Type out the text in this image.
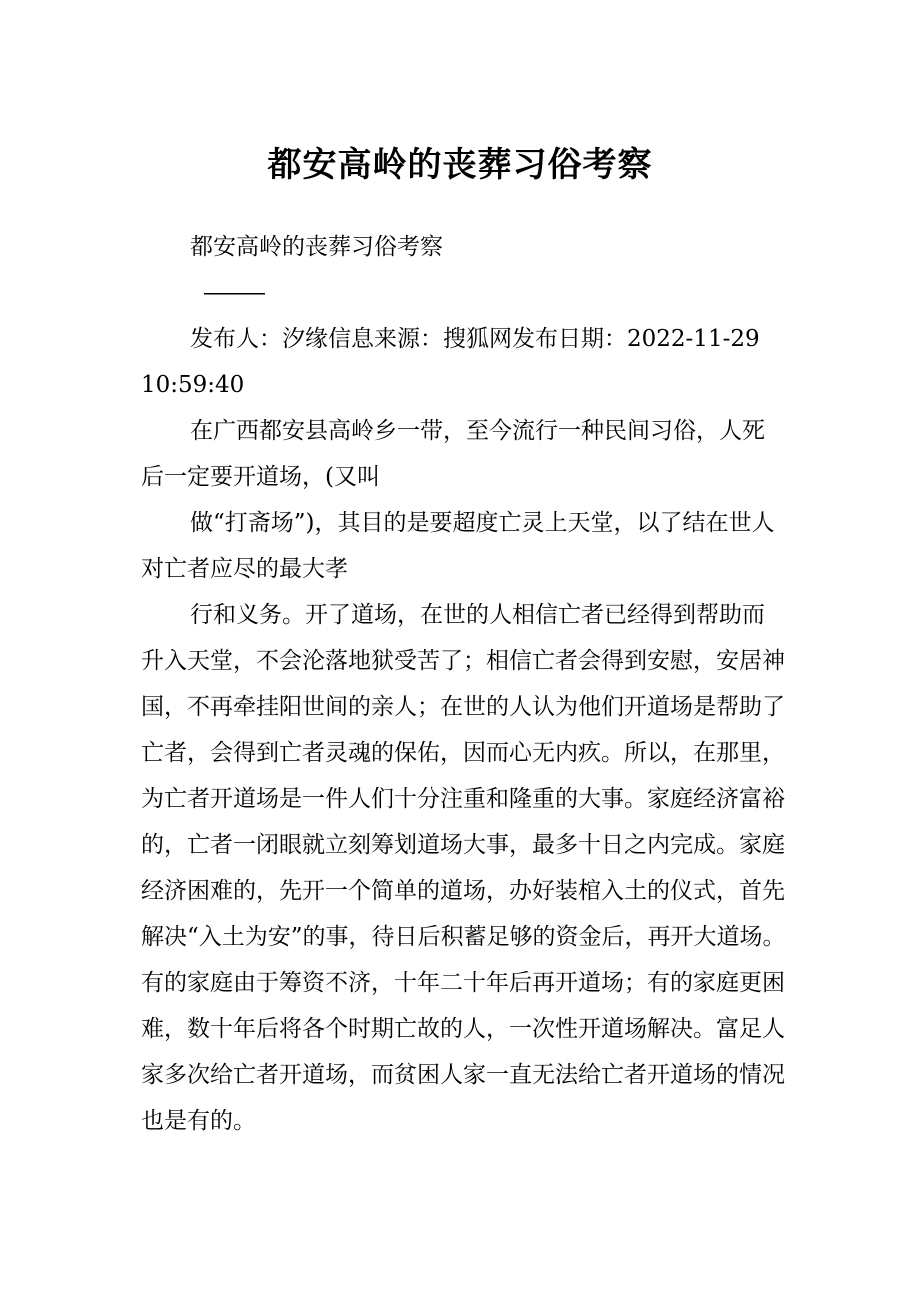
都安高岭的丧葬习俗考察

都安高岭的丧葬习俗考察

———

发布人：汐缘信息来源：搜狐网发布日期：2022-11-29 10:59:40

在广西都安县高岭乡一带，至今流行一种民间习俗，人死后一定要开道场，(又叫

做“打斋场”)，其目的是要超度亡灵上天堂，以了结在世人对亡者应尽的最大孝

行和义务。开了道场，在世的人相信亡者已经得到帮助而升入天堂，不会沦落地狱受苦了；相信亡者会得到安慰，安居神国，不再牵挂阳世间的亲人；在世的人认为他们开道场是帮助了亡者，会得到亡者灵魂的保佑，因而心无内疚。所以，在那里，为亡者开道场是一件人们十分注重和隆重的大事。家庭经济富裕的，亡者一闭眼就立刻筹划道场大事，最多十日之内完成。家庭经济困难的，先开一个简单的道场，办好装棺入土的仪式，首先解决“入土为安”的事，待日后积蓄足够的资金后，再开大道场。有的家庭由于筹资不济，十年二十年后再开道场；有的家庭更困难，数十年后将各个时期亡故的人，一次性开道场解决。富足人家多次给亡者开道场，而贫困人家一直无法给亡者开道场的情况也是有的。
